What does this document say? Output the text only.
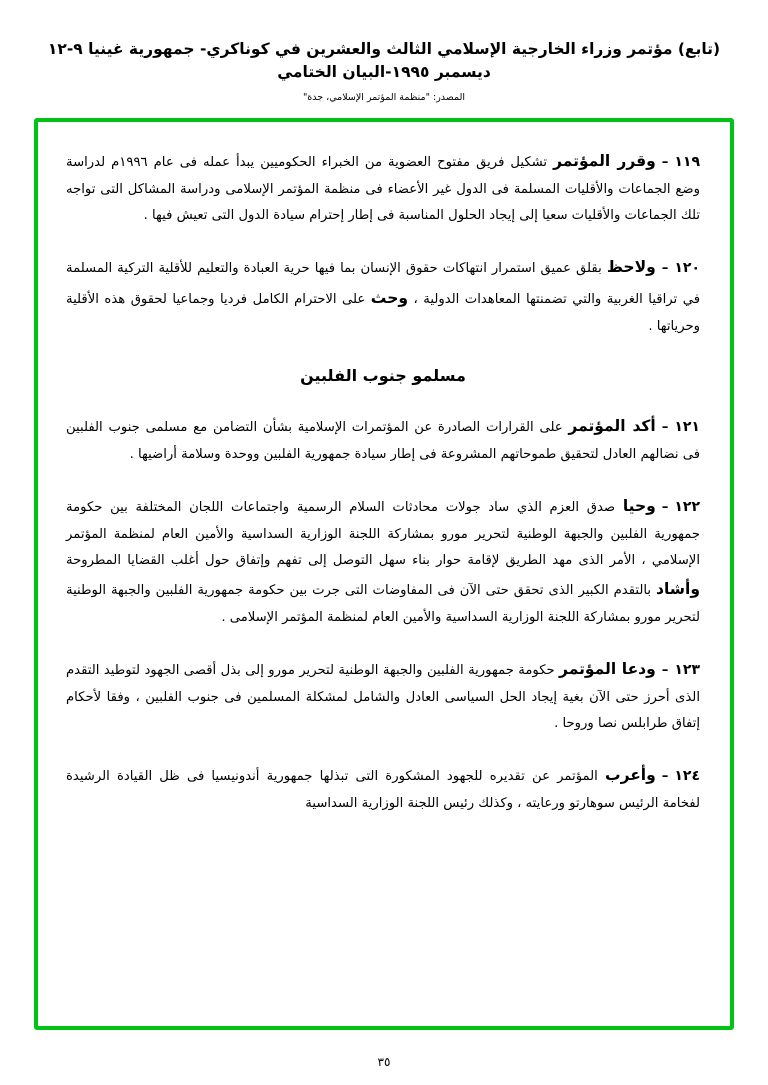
(تابع) مؤتمر وزراء الخارجية الإسلامي الثالث والعشرين في كوناكري- جمهورية غينيا ٩-١٢ ديسمبر ١٩٩٥-البيان الختامي
المصدر: "منظمة المؤتمر الإسلامي، جدة"

١١٩–وقرر المؤتمر تشكيل فريق مفتوح العضوية من الخبراء الحكوميين يبدأ عمله فى عام ١٩٩٦م لدراسة وضع الجماعات والأقليات المسلمة فى الدول غير الأعضاء فى منظمة المؤتمر الإسلامى ودراسة المشاكل التى تواجه تلك الجماعات والأقليات سعيا إلى إيجاد الحلول المناسبة فى إطار إحترام سيادة الدول التى تعيش فيها .

١٢٠–ولاحظ بقلق عميق استمرار انتهاكات حقوق الإنسان بما فيها حرية العبادة والتعليم للأقلية التركية المسلمة في تراقيا الغربية والتي تضمنتها المعاهدات الدولية ، وحث على الاحترام الكامل فرديا وجماعيا لحقوق هذه الأقلية وحرياتها .

مسلمو جنوب الفلبين

١٢١–أكد المؤتمر على القرارات الصادرة عن المؤتمرات الإسلامية بشأن التضامن مع مسلمى جنوب الفلبين فى نضالهم العادل لتحقيق طموحاتهم المشروعة فى إطار سيادة جمهورية الفلبين ووحدة وسلامة أراضيها .

١٢٢–وحيا صدق العزم الذي ساد جولات محادثات السلام الرسمية واجتماعات اللجان المختلفة بين حكومة جمهورية الفلبين والجبهة الوطنية لتحرير مورو بمشاركة اللجنة الوزارية السداسية والأمين العام لمنظمة المؤتمر الإسلامي ، الأمر الذى مهد الطريق لإقامة حوار بناء سهل التوصل إلى تفهم وإتفاق حول أغلب القضايا المطروحة وأشاد بالتقدم الكبير الذى تحقق حتى الآن فى المفاوضات التى جرت بين حكومة جمهورية الفلبين والجبهة الوطنية لتحرير مورو بمشاركة اللجنة الوزارية السداسية والأمين العام لمنظمة المؤتمر الإسلامى .

١٢٣–ودعا المؤتمر حكومة جمهورية الفلبين والجبهة الوطنية لتحرير مورو إلى بذل أقصى الجهود لتوطيد التقدم الذى أحرز حتى الآن بغية إيجاد الحل السياسى العادل والشامل لمشكلة المسلمين فى جنوب الفلبين ، وفقا لأحكام إتفاق طرابلس نصا وروحا .

١٢٤–وأعرب المؤتمر عن تقديره للجهود المشكورة التى تبذلها جمهورية أندونيسيا فى ظل القيادة الرشيدة لفخامة الرئيس سوهارتو ورعايته ، وكذلك رئيس اللجنة الوزارية السداسية

٣٥
